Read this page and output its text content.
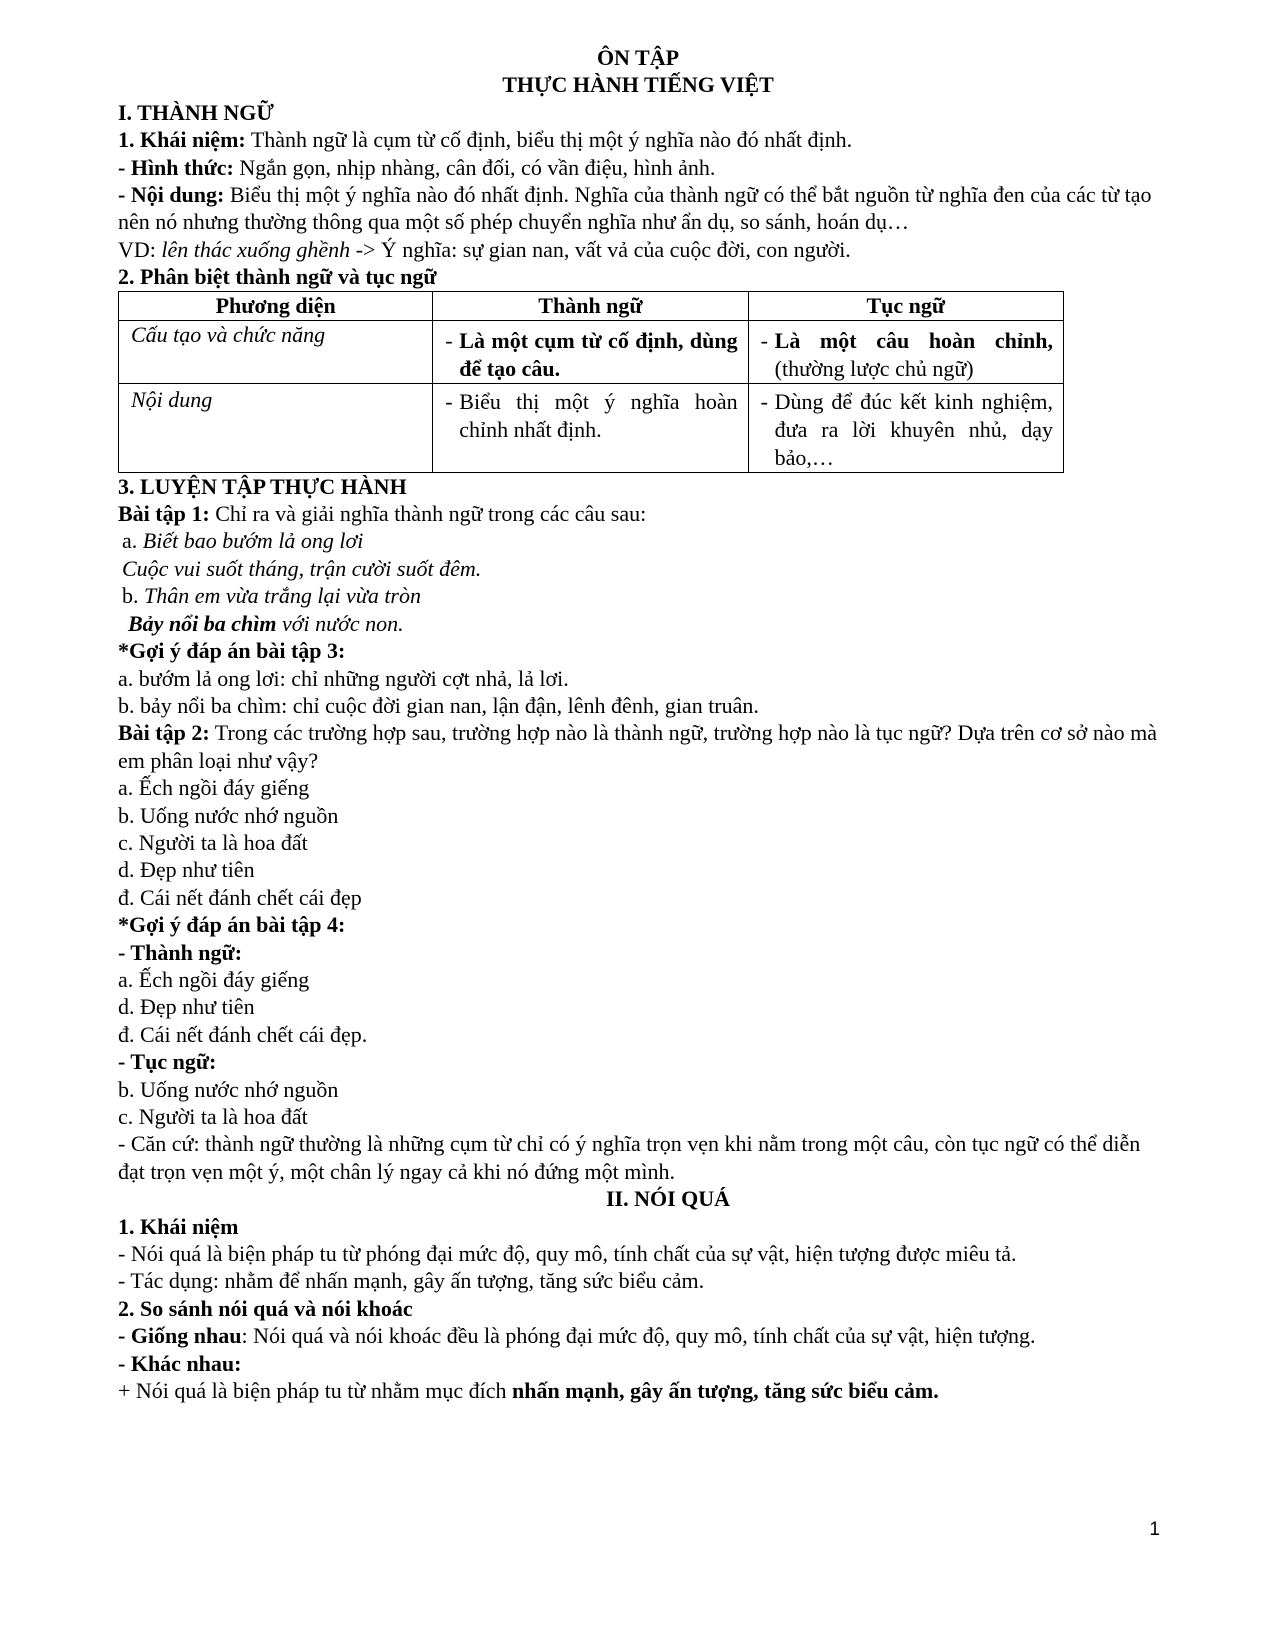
ÔN TẬP
THỰC HÀNH TIẾNG VIỆT
I. THÀNH NGỮ
1. Khái niệm: Thành ngữ là cụm từ cố định, biểu thị một ý nghĩa nào đó nhất định.
- Hình thức: Ngắn gọn, nhịp nhàng, cân đối, có vần điệu, hình ảnh.
- Nội dung: Biểu thị một ý nghĩa nào đó nhất định. Nghĩa của thành ngữ có thể bắt nguồn từ nghĩa đen của các từ tạo nên nó nhưng thường thông qua một số phép chuyển nghĩa như ẩn dụ, so sánh, hoán dụ…
VD: lên thác xuống ghềnh -> Ý nghĩa: sự gian nan, vất vả của cuộc đời, con người.
2. Phân biệt thành ngữ và tục ngữ
Phương diện	Thành ngữ	Tục ngữ
Cấu tạo và chức năng	- Là một cụm từ cố định, dùng để tạo câu.	- Là một câu hoàn chỉnh, (thường lược chủ ngữ)

Nội dung	- Biểu thị một ý nghĩa hoàn chỉnh nhất định.	- Dùng để đúc kết kinh nghiệm, đưa ra lời khuyên nhủ, dạy bảo,…
3. LUYỆN TẬP THỰC HÀNH
Bài tập 1: Chỉ ra và giải nghĩa thành ngữ trong các câu sau:
a. Biết bao bướm lả ong lơi
Cuộc vui suốt tháng, trận cười suốt đêm.
b. Thân em vừa trắng lại vừa tròn
Bảy nổi ba chìm với nước non.
*Gợi ý đáp án bài tập 3:
a. bướm lả ong lơi: chỉ những người cợt nhả, lả lơi.
b. bảy nổi ba chìm: chỉ cuộc đời gian nan, lận đận, lênh đênh, gian truân.
Bài tập 2: Trong các trường hợp sau, trường hợp nào là thành ngữ, trường hợp nào là tục ngữ? Dựa trên cơ sở nào mà em phân loại như vậy?
a. Ếch ngồi đáy giếng
b. Uống nước nhớ nguồn
c. Người ta là hoa đất
d. Đẹp như tiên
đ. Cái nết đánh chết cái đẹp
*Gợi ý đáp án bài tập 4:
- Thành ngữ:
a. Ếch ngồi đáy giếng
d. Đẹp như tiên
đ. Cái nết đánh chết cái đẹp.
- Tục ngữ:
b. Uống nước nhớ nguồn
c. Người ta là hoa đất
- Căn cứ: thành ngữ thường là những cụm từ chỉ có ý nghĩa trọn vẹn khi nằm trong một câu, còn tục ngữ có thể diễn đạt trọn vẹn một ý, một chân lý ngay cả khi nó đứng một mình.
II. NÓI QUÁ
1. Khái niệm
- Nói quá là biện pháp tu từ phóng đại mức độ, quy mô, tính chất của sự vật, hiện tượng được miêu tả.
- Tác dụng: nhằm để nhấn mạnh, gây ấn tượng, tăng sức biểu cảm.
2. So sánh nói quá và nói khoác
- Giống nhau: Nói quá và nói khoác đều là phóng đại mức độ, quy mô, tính chất của sự vật, hiện tượng.
- Khác nhau:
+ Nói quá là biện pháp tu từ nhằm mục đích nhấn mạnh, gây ấn tượng, tăng sức biểu cảm.
1
